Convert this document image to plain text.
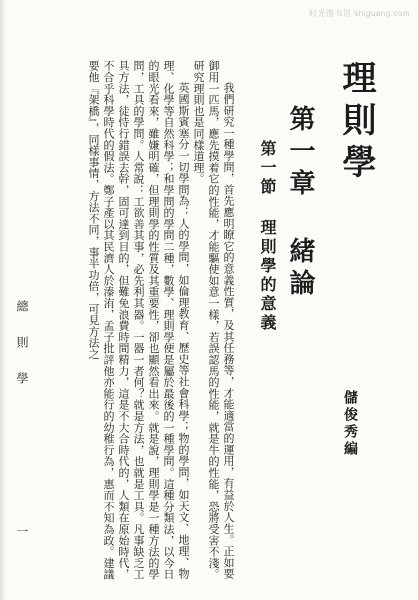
时光图书馆 shiguang.com
理則學
第一章 緒論
第一節 理則學的意義
儲俊秀編

我們研究一種學問，首先應明瞭它的意義性質，及其任務等，才能適當的運用，有益於人生。正如要御用一匹馬，應先摸着它的性能，才能驅使如意一樣，若誤認馬的性能，就是牛的性能，恐將受害不淺。研究理則也是同樣道理。

英國斯賓塞分一切學問為：人的學問，如倫理教育、歷史等社會科學；物的學問，如天文、地理、物理、化學等自然科學；和學問的學問二種，數學、理則學便是屬於最後的一種學問。這種分類法，以今日的眼光看來，雖嫌明確，但理則學的性質及其重要性，卻也顯然看出來。就是說，理則學是一種方法的學問，工具的學問。人常說：工欲善其事，必先利其器。一器一者何？就是方法，也就是工具。凡事缺乏工具方法，徒恃行錯誤去幹，固可達到目的，但難免浪費時間精力，這是不大合時代的，人類在原始時代，不合乎科學時代的假法。鄭子產以其民濟人於溱洧，孟子批評他亦能行的幼稚行為，惠而不知為政。建議要他『架橋』，同樣事情，方法不同，事半功倍，可見方法之

總則學
一
